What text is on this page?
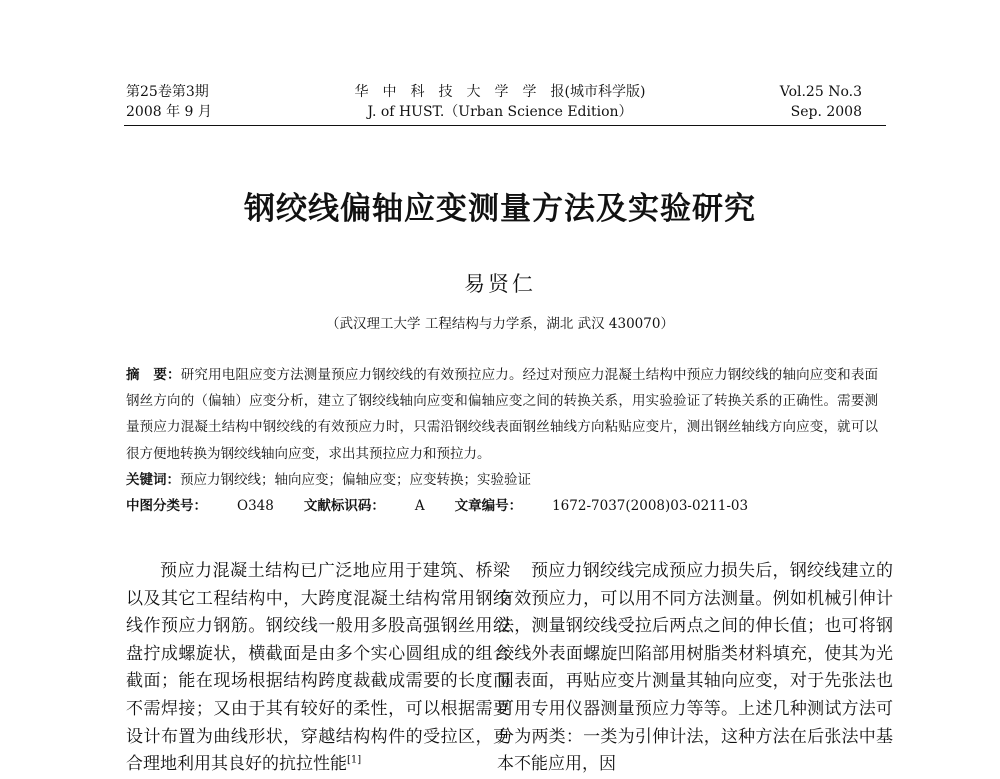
第25卷第3期
2008 年 9 月
华　中　科　技　大　学　学　报(城市科学版)
J. of HUST.（Urban Science Edition）
Vol.25 No.3
Sep. 2008
钢绞线偏轴应变测量方法及实验研究
易贤仁
（武汉理工大学 工程结构与力学系，湖北 武汉 430070）

摘　要：研究用电阻应变方法测量预应力钢绞线的有效预拉应力。经过对预应力混凝土结构中预应力钢绞线的轴向应变和表面钢丝方向的（偏轴）应变分析，建立了钢绞线轴向应变和偏轴应变之间的转换关系，用实验验证了转换关系的正确性。需要测量预应力混凝土结构中钢绞线的有效预应力时，只需沿钢绞线表面钢丝轴线方向粘贴应变片，测出钢丝轴线方向应变，就可以很方便地转换为钢绞线轴向应变，求出其预拉应力和预拉力。

关键词：预应力钢绞线；轴向应变；偏轴应变；应变转换；实验验证

中图分类号： O348 文献标识码： A 文章编号： 1672-7037(2008)03-0211-03

预应力混凝土结构已广泛地应用于建筑、桥梁以及其它工程结构中，大跨度混凝土结构常用钢绞线作预应力钢筋。钢绞线一般用多股高强钢丝用绞盘拧成螺旋状，横截面是由多个实心圆组成的组合截面；能在现场根据结构跨度裁截成需要的长度而不需焊接；又由于其有较好的柔性，可以根据需要设计布置为曲线形状，穿越结构构件的受拉区，更合理地利用其良好的抗拉性能[1]

预应力钢绞线完成预应力损失后，钢绞线建立的有效预应力，可以用不同方法测量。例如机械引伸计法，测量钢绞线受拉后两点之间的伸长值；也可将钢绞线外表面螺旋凹陷部用树脂类材料填充，使其为光圆表面，再贴应变片测量其轴向应变，对于先张法也可用专用仪器测量预应力等等。上述几种测试方法可分为两类：一类为引伸计法，这种方法在后张法中基本不能应用，因
